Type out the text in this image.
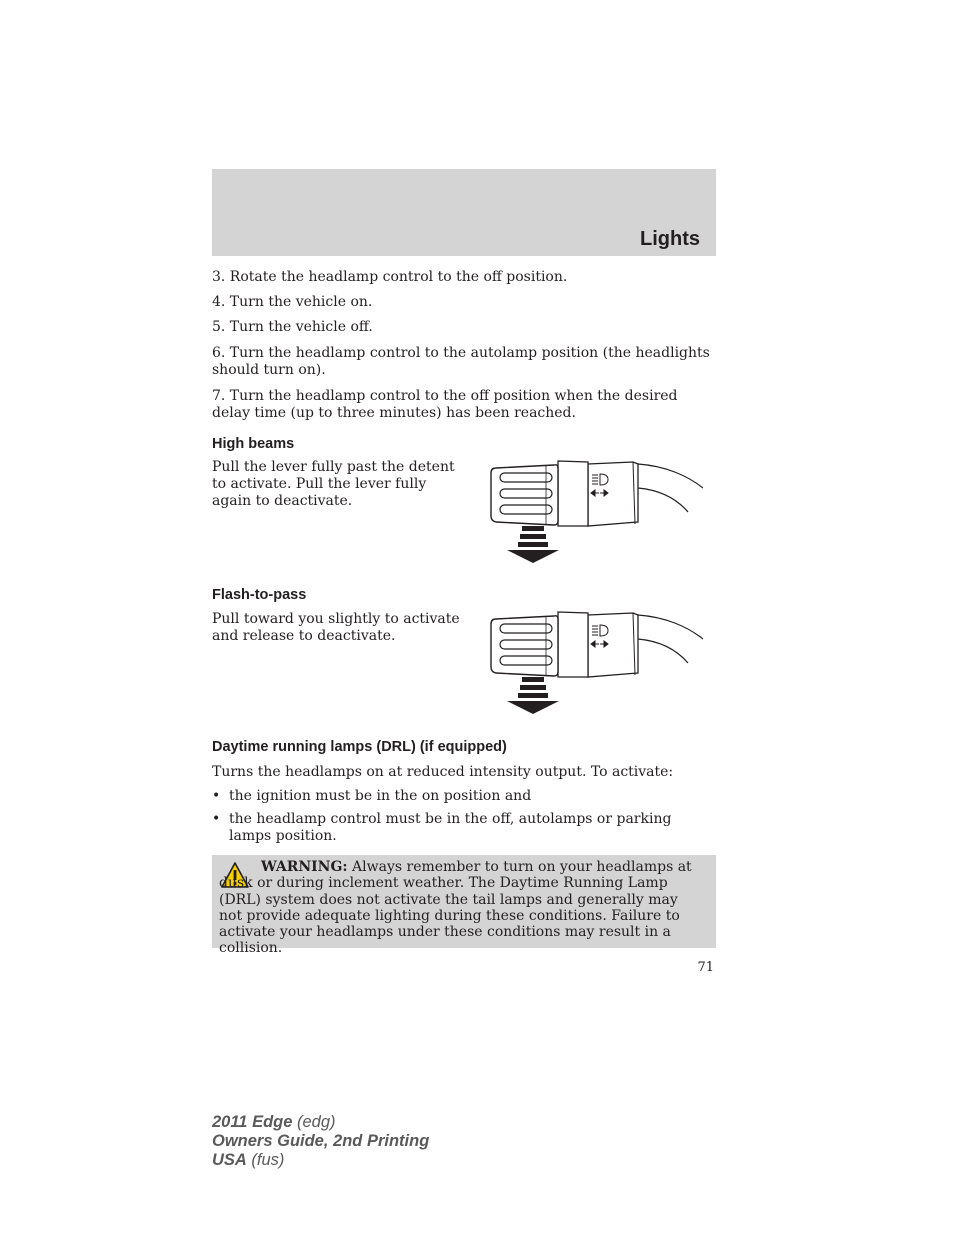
Lights

3. Rotate the headlamp control to the off position.

4. Turn the vehicle on.

5. Turn the vehicle off.

6. Turn the headlamp control to the autolamp position (the headlights should turn on).

7. Turn the headlamp control to the off position when the desired delay time (up to three minutes) has been reached.

High beams

Pull the lever fully past the detent to activate. Pull the lever fully again to deactivate.

Flash-to-pass

Pull toward you slightly to activate and release to deactivate.

Daytime running lamps (DRL) (if equipped)

Turns the headlamps on at reduced intensity output. To activate:

• the ignition must be in the on position and
• the headlamp control must be in the off, autolamps or parking lamps position.
WARNING: Always remember to turn on your headlamps at dusk or during inclement weather. The Daytime Running Lamp (DRL) system does not activate the tail lamps and generally may not provide adequate lighting during these conditions. Failure to activate your headlamps under these conditions may result in a collision.
71
2011 Edge (edg)
Owners Guide, 2nd Printing
USA (fus)
